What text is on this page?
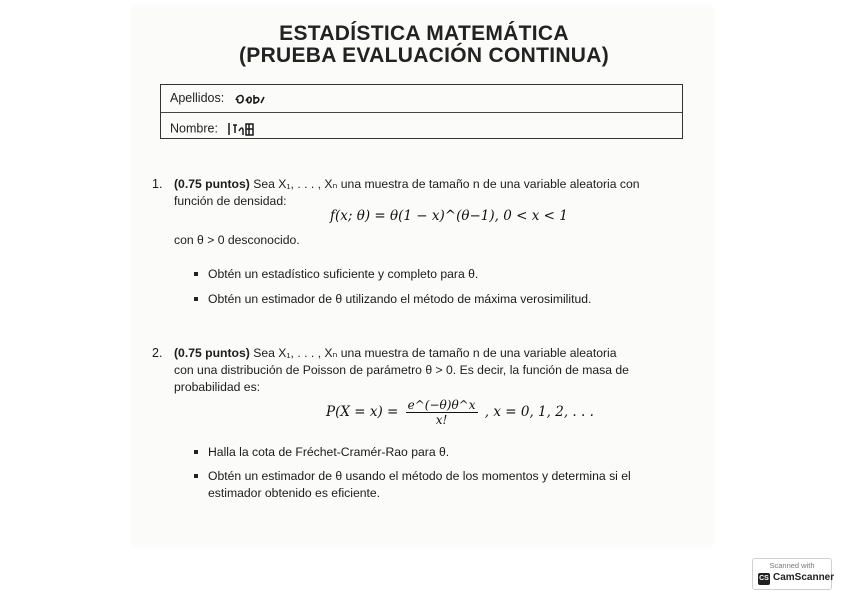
ESTADÍSTICA MATEMÁTICA
(PRUEBA EVALUACIÓN CONTINUA)
Apellidos:
Nombre:
1. (0.75 puntos) Sea X₁, . . . , Xₙ una muestra de tamaño n de una variable aleatoria con
función de densidad:
f(x; θ) = θ(1 − x)^(θ−1), 0 < x < 1
con θ > 0 desconocido.
Obtén un estadístico suficiente y completo para θ.
Obtén un estimador de θ utilizando el método de máxima verosimilitud.
2. (0.75 puntos) Sea X₁, . . . , Xₙ una muestra de tamaño n de una variable aleatoria
con una distribución de Poisson de parámetro θ > 0. Es decir, la función de masa de
probabilidad es:
$P(X = x) = \frac{e\^{}(-\theta)\theta\^{}x}{x!}$ , x = 0, 1, 2, . . .
Halla la cota de Fréchet-Cramér-Rao para θ.
Obtén un estimador de θ usando el método de los momentos y determina si el
estimador obtenido es eficiente.
Scanned with
CS CamScanner
